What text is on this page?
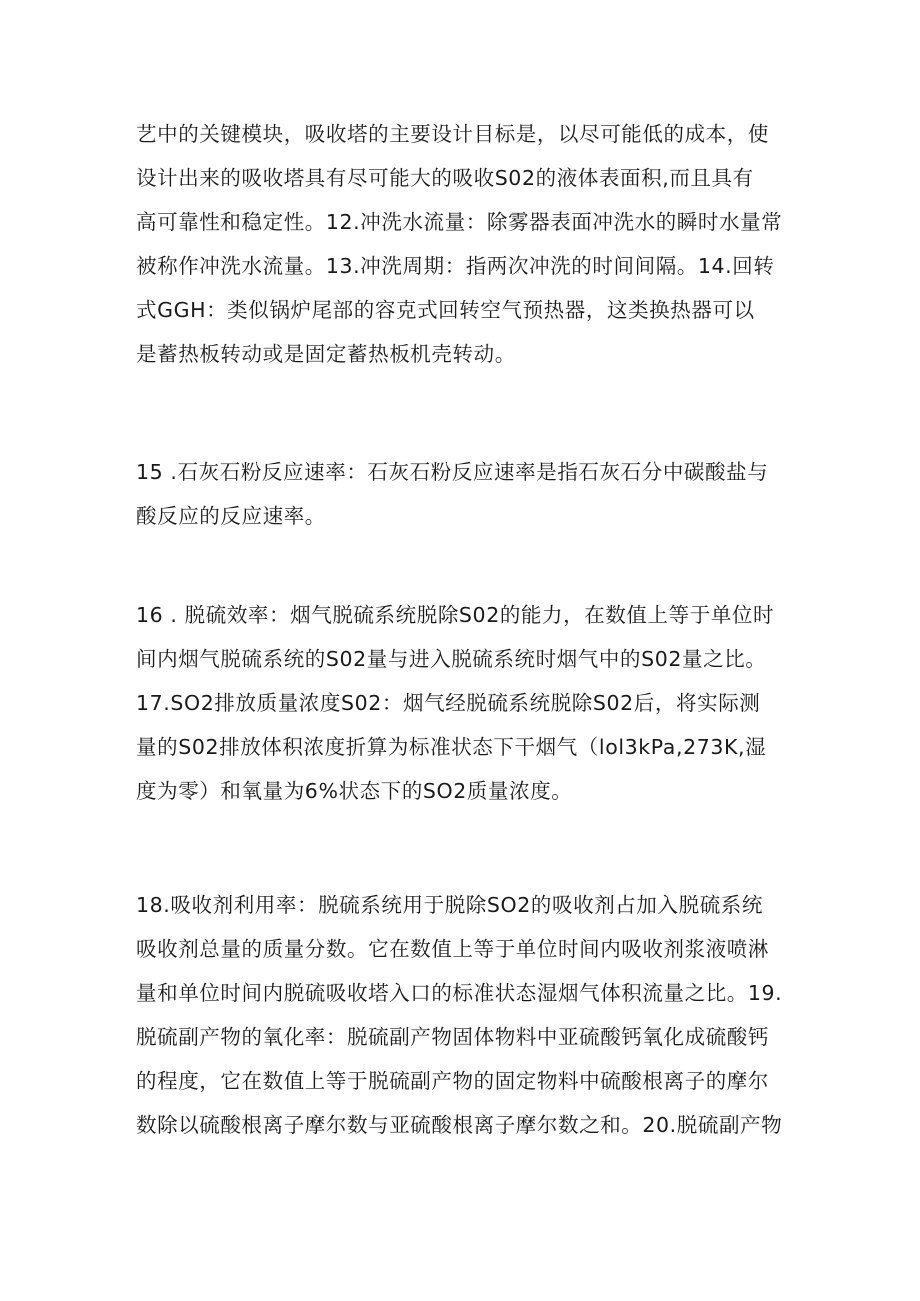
艺中的关键模块，吸收塔的主要设计目标是，以尽可能低的成本，使
设计出来的吸收塔具有尽可能大的吸收S02的液体表面积,而且具有
高可靠性和稳定性。12.冲洗水流量：除雾器表面冲洗水的瞬时水量常
被称作冲洗水流量。13.冲洗周期：指两次冲洗的时间间隔。14.回转
式GGH：类似锅炉尾部的容克式回转空气预热器，这类换热器可以
是蓄热板转动或是固定蓄热板机壳转动。
15 .石灰石粉反应速率：石灰石粉反应速率是指石灰石分中碳酸盐与
酸反应的反应速率。
16 . 脱硫效率：烟气脱硫系统脱除S02的能力，在数值上等于单位时
间内烟气脱硫系统的S02量与进入脱硫系统时烟气中的S02量之比。
17.SO2排放质量浓度S02：烟气经脱硫系统脱除S02后，将实际测
量的S02排放体积浓度折算为标准状态下干烟气（lol3kPa,273K,湿
度为零）和氧量为6%状态下的SO2质量浓度。
18.吸收剂利用率：脱硫系统用于脱除SO2的吸收剂占加入脱硫系统
吸收剂总量的质量分数。它在数值上等于单位时间内吸收剂浆液喷淋
量和单位时间内脱硫吸收塔入口的标准状态湿烟气体积流量之比。19.
脱硫副产物的氧化率：脱硫副产物固体物料中亚硫酸钙氧化成硫酸钙
的程度，它在数值上等于脱硫副产物的固定物料中硫酸根离子的摩尔
数除以硫酸根离子摩尔数与亚硫酸根离子摩尔数之和。20.脱硫副产物
